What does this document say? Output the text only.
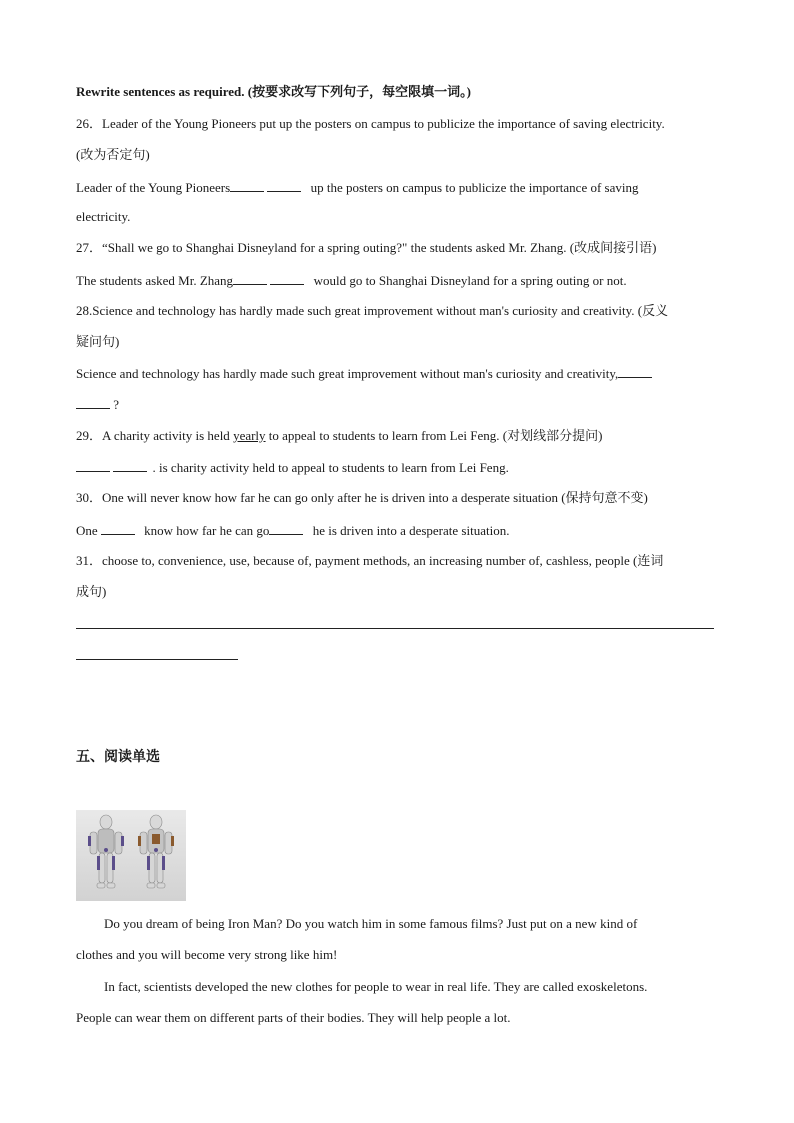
Rewrite sentences as required. (按要求改写下列句子，每空限填一词。)
26．Leader of the Young Pioneers put up the posters on campus to publicize the importance of saving electricity.
(改为否定句)
Leader of the Young Pioneers	up the posters on campus to publicize the importance of saving
electricity.
27．“Shall we go to Shanghai Disneyland for a spring outing?" the students asked Mr. Zhang. (改成间接引语)
The students asked Mr. Zhang	would go to Shanghai Disneyland for a spring outing or not.
28.Science and technology has hardly made such great improvement without man's curiosity and creativity. (反义
疑问句)
Science and technology has hardly made such great improvement without man's curiosity and creativity,
?
29．A charity activity is held yearly to appeal to students to learn from Lei Feng. (对划线部分提问)
. is charity activity held to appeal to students to learn from Lei Feng.
30．One will never know how far he can go only after he is driven into a desperate situation (保持句意不变)
One	know how far he can go	he is driven into a desperate situation.
31．choose to, convenience, use, because of, payment methods, an increasing number of, cashless, people (连词
成句)
五、阅读单选
Do you dream of being Iron Man? Do you watch him in some famous films? Just put on a new kind of
clothes and you will become very strong like him!
In fact, scientists developed the new clothes for people to wear in real life. They are called exoskeletons.
People can wear them on different parts of their bodies. They will help people a lot.
